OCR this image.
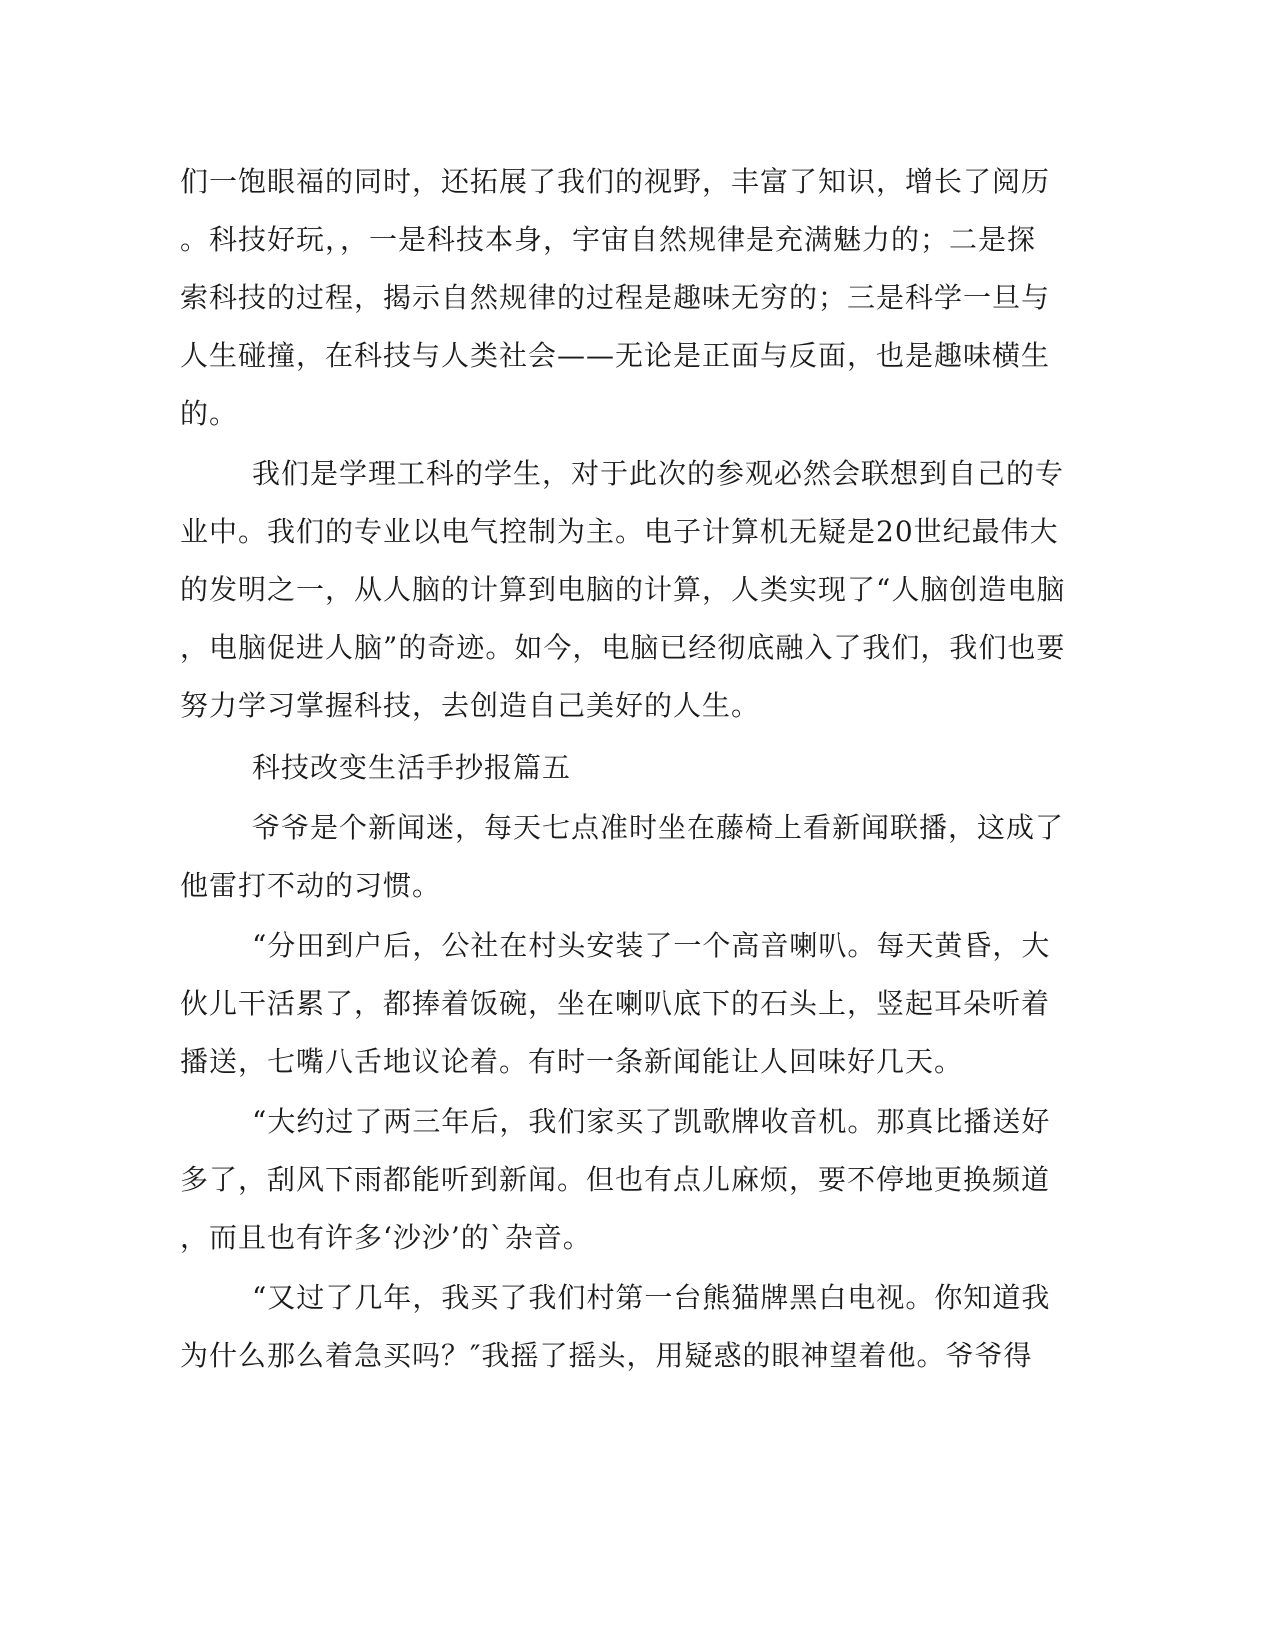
们一饱眼福的同时，还拓展了我们的视野，丰富了知识，增长了阅历

。科技好玩，，一是科技本身，宇宙自然规律是充满魅力的；二是探

索科技的过程，揭示自然规律的过程是趣味无穷的；三是科学一旦与

人生碰撞，在科技与人类社会——无论是正面与反面，也是趣味横生

的。

我们是学理工科的学生，对于此次的参观必然会联想到自己的专

业中。我们的专业以电气控制为主。电子计算机无疑是20世纪最伟大

的发明之一，从人脑的计算到电脑的计算，人类实现了“人脑创造电脑

，电脑促进人脑”的奇迹。如今，电脑已经彻底融入了我们，我们也要

努力学习掌握科技，去创造自己美好的人生。

科技改变生活手抄报篇五

爷爷是个新闻迷，每天七点准时坐在藤椅上看新闻联播，这成了

他雷打不动的习惯。

“分田到户后，公社在村头安装了一个高音喇叭。每天黄昏，大

伙儿干活累了，都捧着饭碗，坐在喇叭底下的石头上，竖起耳朵听着

播送，七嘴八舌地议论着。有时一条新闻能让人回味好几天。

“大约过了两三年后，我们家买了凯歌牌收音机。那真比播送好

多了，刮风下雨都能听到新闻。但也有点儿麻烦，要不停地更换频道

，而且也有许多‘沙沙’的`杂音。

“又过了几年，我买了我们村第一台熊猫牌黑白电视。你知道我

为什么那么着急买吗？″我摇了摇头，用疑惑的眼神望着他。爷爷得
